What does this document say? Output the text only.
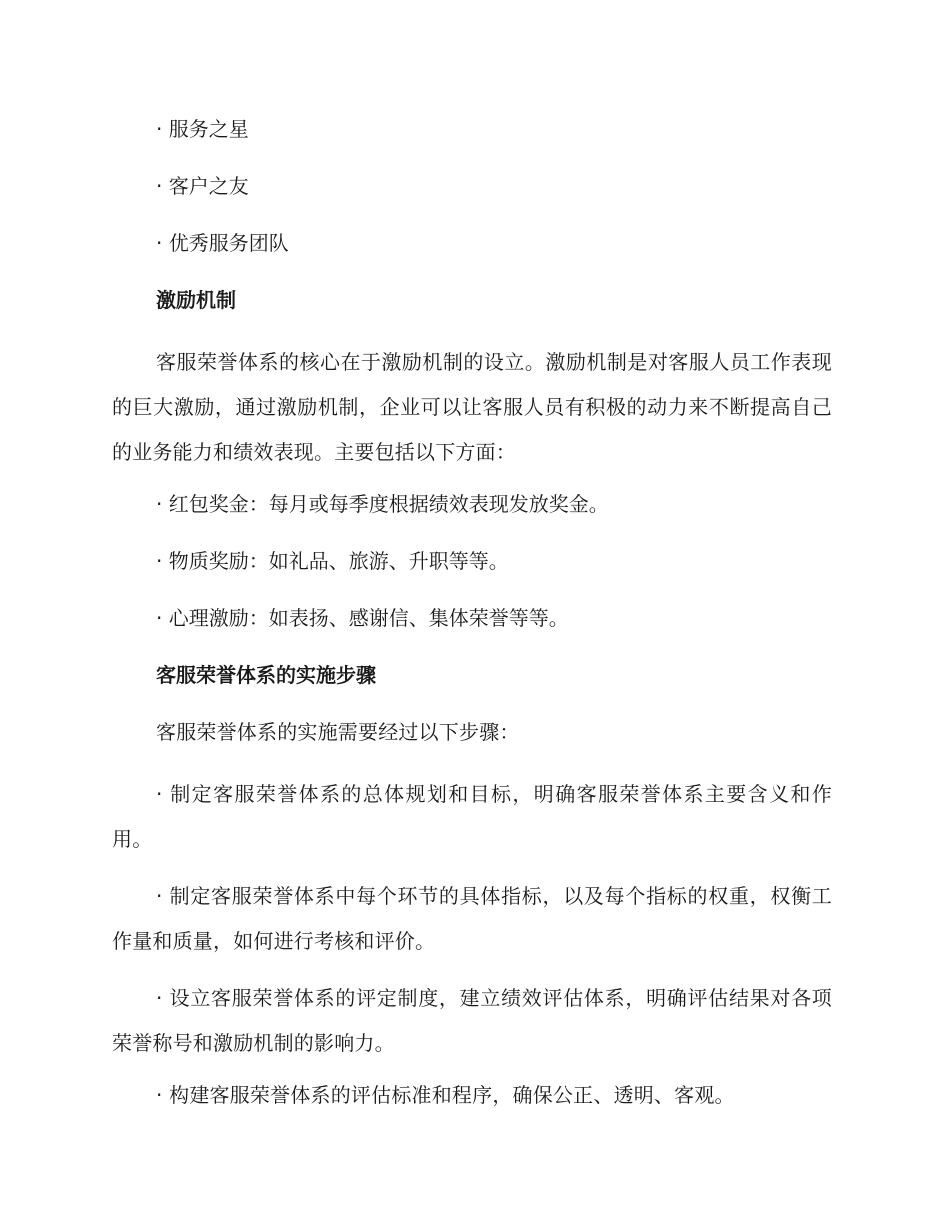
· 服务之星

· 客户之友

· 优秀服务团队

激励机制

客服荣誉体系的核心在于激励机制的设立。激励机制是对客服人员工作表现的巨大激励，通过激励机制，企业可以让客服人员有积极的动力来不断提高自己的业务能力和绩效表现。主要包括以下方面：

· 红包奖金：每月或每季度根据绩效表现发放奖金。

· 物质奖励：如礼品、旅游、升职等等。

· 心理激励：如表扬、感谢信、集体荣誉等等。

客服荣誉体系的实施步骤

客服荣誉体系的实施需要经过以下步骤：

· 制定客服荣誉体系的总体规划和目标，明确客服荣誉体系主要含义和作用。

· 制定客服荣誉体系中每个环节的具体指标，以及每个指标的权重，权衡工作量和质量，如何进行考核和评价。

· 设立客服荣誉体系的评定制度，建立绩效评估体系，明确评估结果对各项荣誉称号和激励机制的影响力。

· 构建客服荣誉体系的评估标准和程序，确保公正、透明、客观。
